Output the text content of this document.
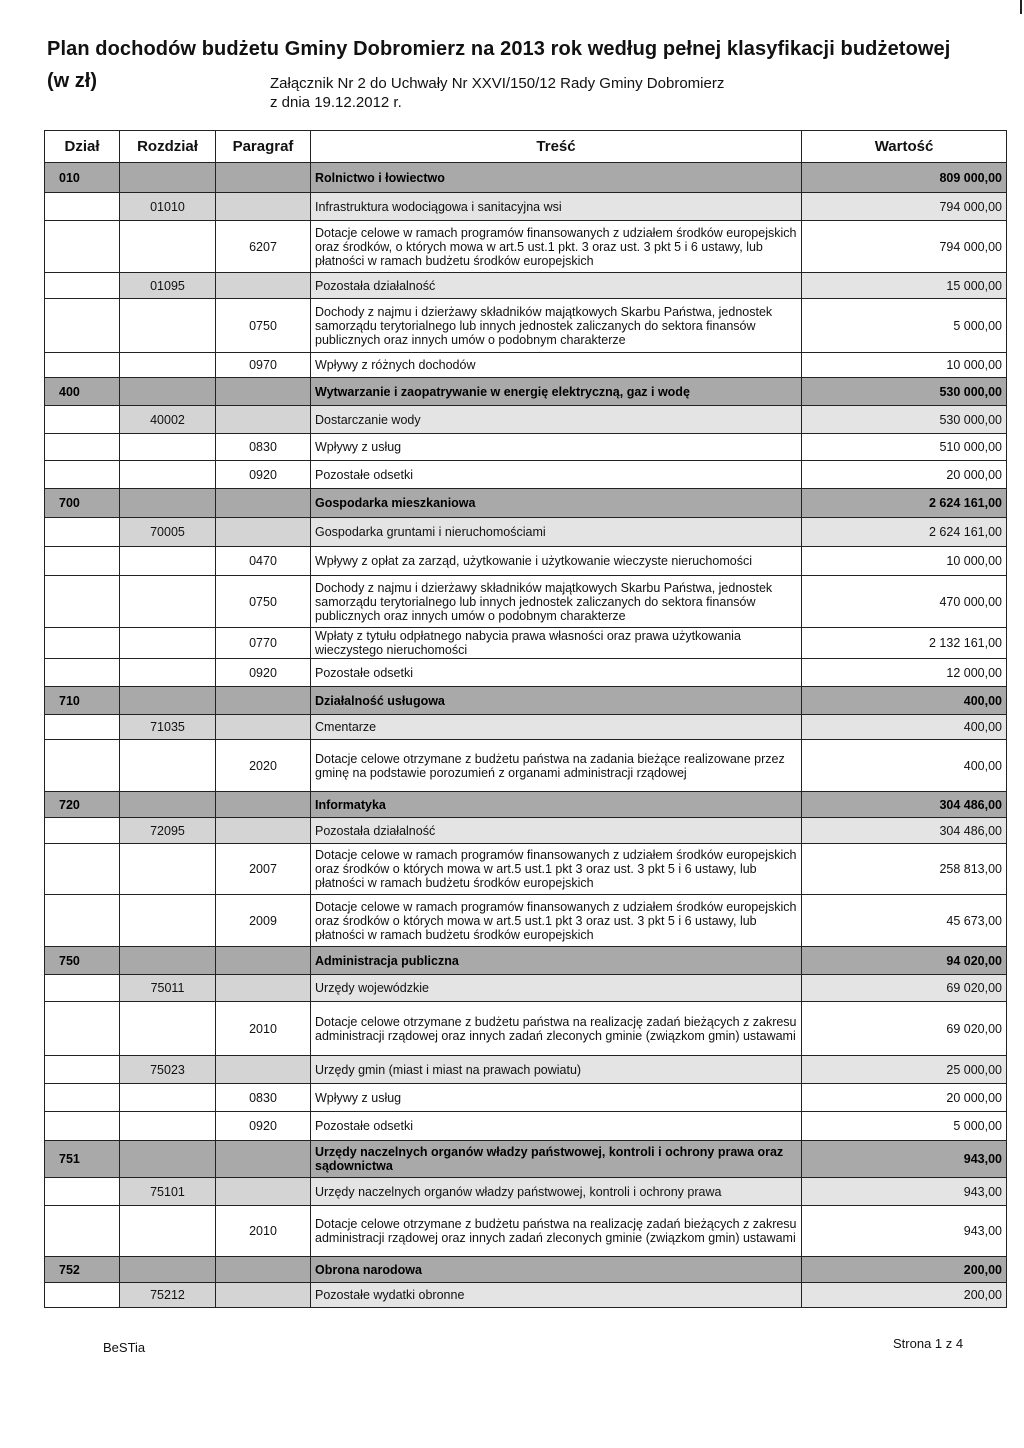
Plan dochodów budżetu Gminy Dobromierz na 2013 rok według pełnej klasyfikacji budżetowej
(w zł)	Załącznik Nr 2 do Uchwały Nr XXVI/150/12 Rady Gminy Dobromierz
z dnia 19.12.2012 r.
Dział	Rozdział	Paragraf	Treść	Wartość
010			Rolnictwo i łowiectwo	809 000,00
	01010		Infrastruktura wodociągowa i sanitacyjna wsi	794 000,00
		6207	Dotacje celowe w ramach programów finansowanych z udziałem środków europejskich oraz środków, o których mowa w art.5 ust.1 pkt. 3 oraz ust. 3 pkt 5 i 6 ustawy, lub płatności w ramach budżetu środków europejskich	794 000,00
	01095		Pozostała działalność	15 000,00
		0750	Dochody z najmu i dzierżawy składników majątkowych Skarbu Państwa, jednostek samorządu terytorialnego lub innych jednostek zaliczanych do sektora finansów publicznych oraz innych umów o podobnym charakterze	5 000,00
		0970	Wpływy z różnych dochodów	10 000,00
400			Wytwarzanie i zaopatrywanie w energię elektryczną, gaz i wodę	530 000,00
	40002		Dostarczanie wody	530 000,00
		0830	Wpływy z usług	510 000,00
		0920	Pozostałe odsetki	20 000,00
700			Gospodarka mieszkaniowa	2 624 161,00
	70005		Gospodarka gruntami i nieruchomościami	2 624 161,00
		0470	Wpływy z opłat za zarząd, użytkowanie i użytkowanie wieczyste nieruchomości	10 000,00
		0750	Dochody z najmu i dzierżawy składników majątkowych Skarbu Państwa, jednostek samorządu terytorialnego lub innych jednostek zaliczanych do sektora finansów publicznych oraz innych umów o podobnym charakterze	470 000,00
		0770	Wpłaty z tytułu odpłatnego nabycia prawa własności oraz prawa użytkowania wieczystego nieruchomości	2 132 161,00
		0920	Pozostałe odsetki	12 000,00
710			Działalność usługowa	400,00
	71035		Cmentarze	400,00
		2020	Dotacje celowe otrzymane z budżetu państwa na zadania bieżące realizowane przez gminę na podstawie porozumień z organami administracji rządowej	400,00
720			Informatyka	304 486,00
	72095		Pozostała działalność	304 486,00
		2007	Dotacje celowe w ramach programów finansowanych z udziałem środków europejskich oraz środków o których mowa w art.5 ust.1 pkt 3 oraz ust. 3 pkt 5 i 6 ustawy, lub płatności w ramach budżetu środków europejskich	258 813,00
		2009	Dotacje celowe w ramach programów finansowanych z udziałem środków europejskich oraz środków o których mowa w art.5 ust.1 pkt 3 oraz ust. 3 pkt 5 i 6 ustawy, lub płatności w ramach budżetu środków europejskich	45 673,00
750			Administracja publiczna	94 020,00
	75011		Urzędy wojewódzkie	69 020,00
		2010	Dotacje celowe otrzymane z budżetu państwa na realizację zadań bieżących z zakresu administracji rządowej oraz innych zadań zleconych gminie (związkom gmin) ustawami	69 020,00
	75023		Urzędy gmin (miast i miast na prawach powiatu)	25 000,00
		0830	Wpływy z usług	20 000,00
		0920	Pozostałe odsetki	5 000,00
751			Urzędy naczelnych organów władzy państwowej, kontroli i ochrony prawa oraz sądownictwa	943,00
	75101		Urzędy naczelnych organów władzy państwowej, kontroli i ochrony prawa	943,00
		2010	Dotacje celowe otrzymane z budżetu państwa na realizację zadań bieżących z zakresu administracji rządowej oraz innych zadań zleconych gminie (związkom gmin) ustawami	943,00
752			Obrona narodowa	200,00
	75212		Pozostałe wydatki obronne	200,00
BeSTia	Strona 1 z 4
